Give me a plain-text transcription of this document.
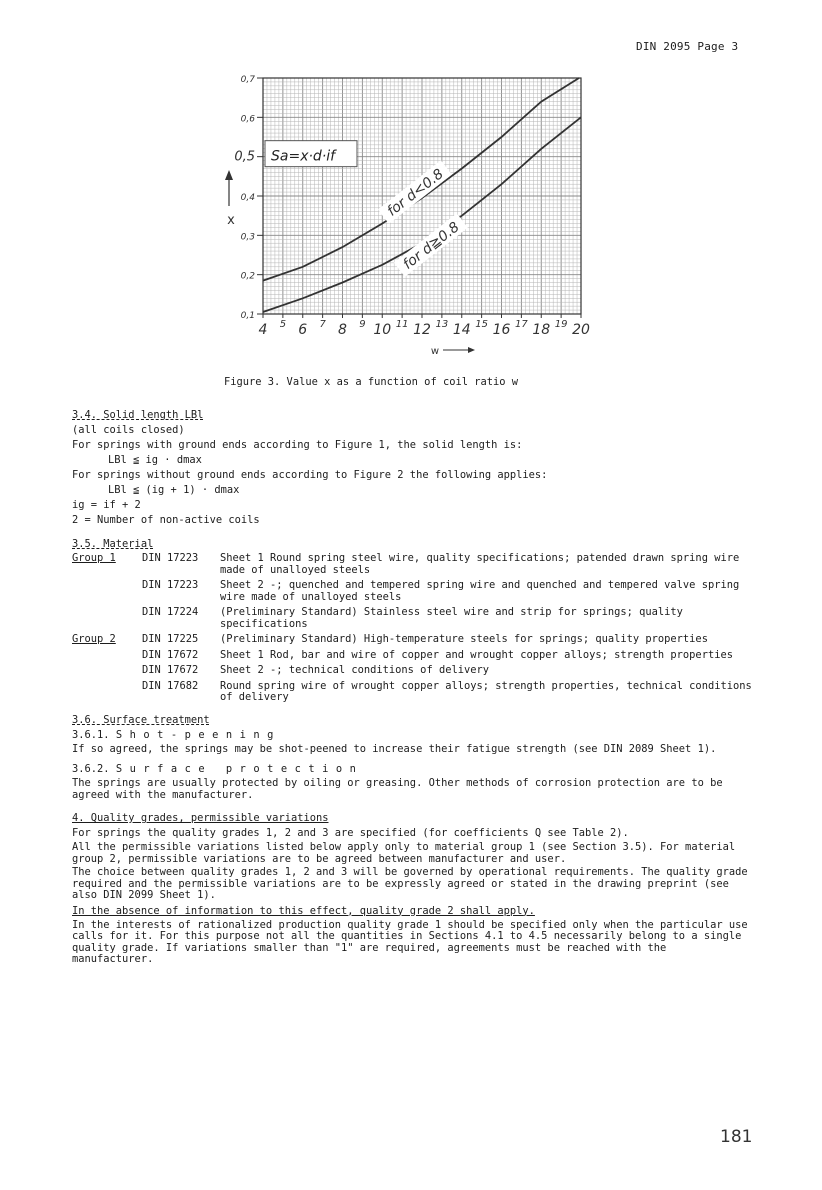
DIN 2095 Page 3
0,1
0,2
0,3
0,4
0,5
0,6
0,7
4 5 6 7 8 9 10 11 12 13 14 15 16 17 18 19 20
w
x
Sa=x·d·if
for d<0.8
for d≧0.8
Figure 3. Value x as a function of coil ratio w
3.4. Solid length LBl
(all coils closed)
For springs with ground ends according to Figure 1, the solid length is:
LBl ≦ ig · dmax
For springs without ground ends according to Figure 2 the following applies:
LBl ≦ (ig + 1) · dmax
ig = if + 2
2 = Number of non-active coils
3.5. Material
Group 1	DIN 17223	Sheet 1 Round spring steel wire, quality specifications; patended drawn spring wire made of unalloyed steels
	DIN 17223	Sheet 2 -; quenched and tempered spring wire and quenched and tempered valve spring wire made of unalloyed steels
	DIN 17224	(Preliminary Standard) Stainless steel wire and strip for springs; quality specifications
Group 2	DIN 17225	(Preliminary Standard) High-temperature steels for springs; quality properties
	DIN 17672	Sheet 1 Rod, bar and wire of copper and wrought copper alloys; strength properties
	DIN 17672	Sheet 2 -; technical conditions of delivery
	DIN 17682	Round spring wire of wrought copper alloys; strength properties, technical conditions of delivery
3.6. Surface treatment
3.6.1. Shot-peening
If so agreed, the springs may be shot-peened to increase their fatigue strength (see DIN 2089 Sheet 1).
3.6.2. Surface protection
The springs are usually protected by oiling or greasing. Other methods of corrosion protection are to be agreed with the manufacturer.
4. Quality grades, permissible variations
For springs the quality grades 1, 2 and 3 are specified (for coefficients Q see Table 2).
All the permissible variations listed below apply only to material group 1 (see Section 3.5). For material group 2, permissible variations are to be agreed between manufacturer and user.
The choice between quality grades 1, 2 and 3 will be governed by operational requirements. The quality grade required and the permissible variations are to be expressly agreed or stated in the drawing preprint (see also DIN 2099 Sheet 1).
In the absence of information to this effect, quality grade 2 shall apply.
In the interests of rationalized production quality grade 1 should be specified only when the particular use calls for it. For this purpose not all the quantities in Sections 4.1 to 4.5 necessarily belong to a single quality grade. If variations smaller than "1" are required, agreements must be reached with the manufacturer.
181
